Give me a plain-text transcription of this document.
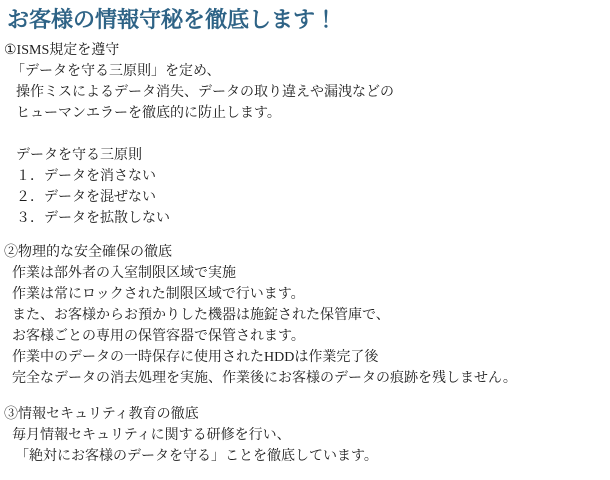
お客様の情報守秘を徹底します！
①ISMS規定を遵守
「データを守る三原則」を定め、
操作ミスによるデータ消失、データの取り違えや漏洩などの
ヒューマンエラーを徹底的に防止します。
データを守る三原則
１．データを消さない
２．データを混ぜない
３．データを拡散しない
②物理的な安全確保の徹底
作業は部外者の入室制限区域で実施
作業は常にロックされた制限区域で行います。
また、お客様からお預かりした機器は施錠された保管庫で、
お客様ごとの専用の保管容器で保管されます。
作業中のデータの一時保存に使用されたHDDは作業完了後
完全なデータの消去処理を実施、作業後にお客様のデータの痕跡を残しません。
③情報セキュリティ教育の徹底
毎月情報セキュリティに関する研修を行い、
「絶対にお客様のデータを守る」ことを徹底しています。
